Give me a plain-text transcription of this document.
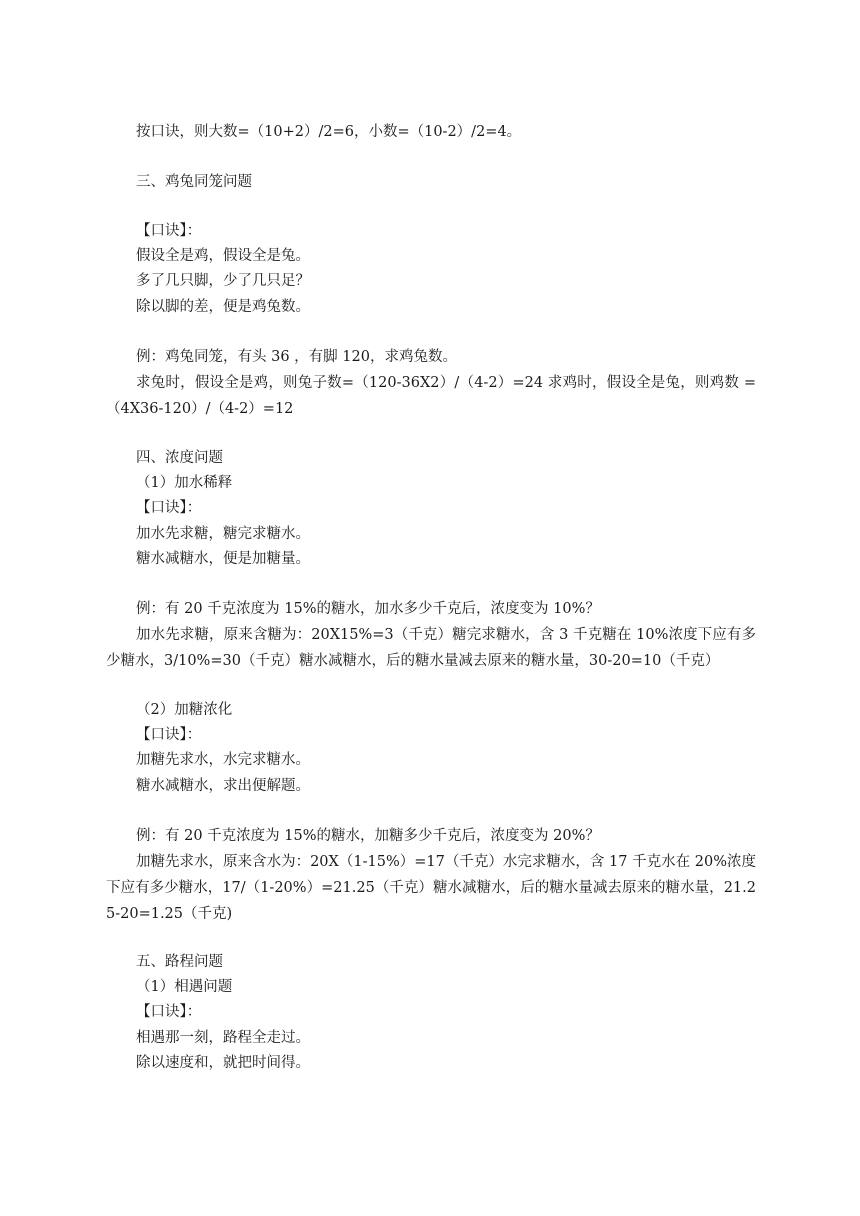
按口诀，则大数=（10+2）/2=6，小数=（10-2）/2=4。
三、鸡兔同笼问题
【口诀】：
假设全是鸡，假设全是兔。
多了几只脚，少了几只足？
除以脚的差，便是鸡兔数。
例：鸡兔同笼，有头 36 ，有脚 120，求鸡兔数。
求兔时，假设全是鸡，则兔子数=（120-36X2）/（4-2）=24 求鸡时，假设全是兔，则鸡数 =（4X36-120）/（4-2）=12
四、浓度问题
（1）加水稀释
【口诀】：
加水先求糖，糖完求糖水。
糖水减糖水，便是加糖量。
例：有 20 千克浓度为 15%的糖水，加水多少千克后，浓度变为 10%？
加水先求糖，原来含糖为：20X15%=3（千克）糖完求糖水，含 3 千克糖在 10%浓度下应有多少糖水，3/10%=30（千克）糖水减糖水，后的糖水量减去原来的糖水量，30-20=10（千克）
（2）加糖浓化
【口诀】：
加糖先求水，水完求糖水。
糖水减糖水，求出便解题。
例：有 20 千克浓度为 15%的糖水，加糖多少千克后，浓度变为 20%？
加糖先求水，原来含水为：20X（1-15%）=17（千克）水完求糖水，含 17 千克水在 20%浓度下应有多少糖水，17/（1-20%）=21.25（千克）糖水减糖水，后的糖水量减去原来的糖水量，21.25-20=1.25（千克)
五、路程问题
（1）相遇问题
【口诀】：
相遇那一刻，路程全走过。
除以速度和，就把时间得。
